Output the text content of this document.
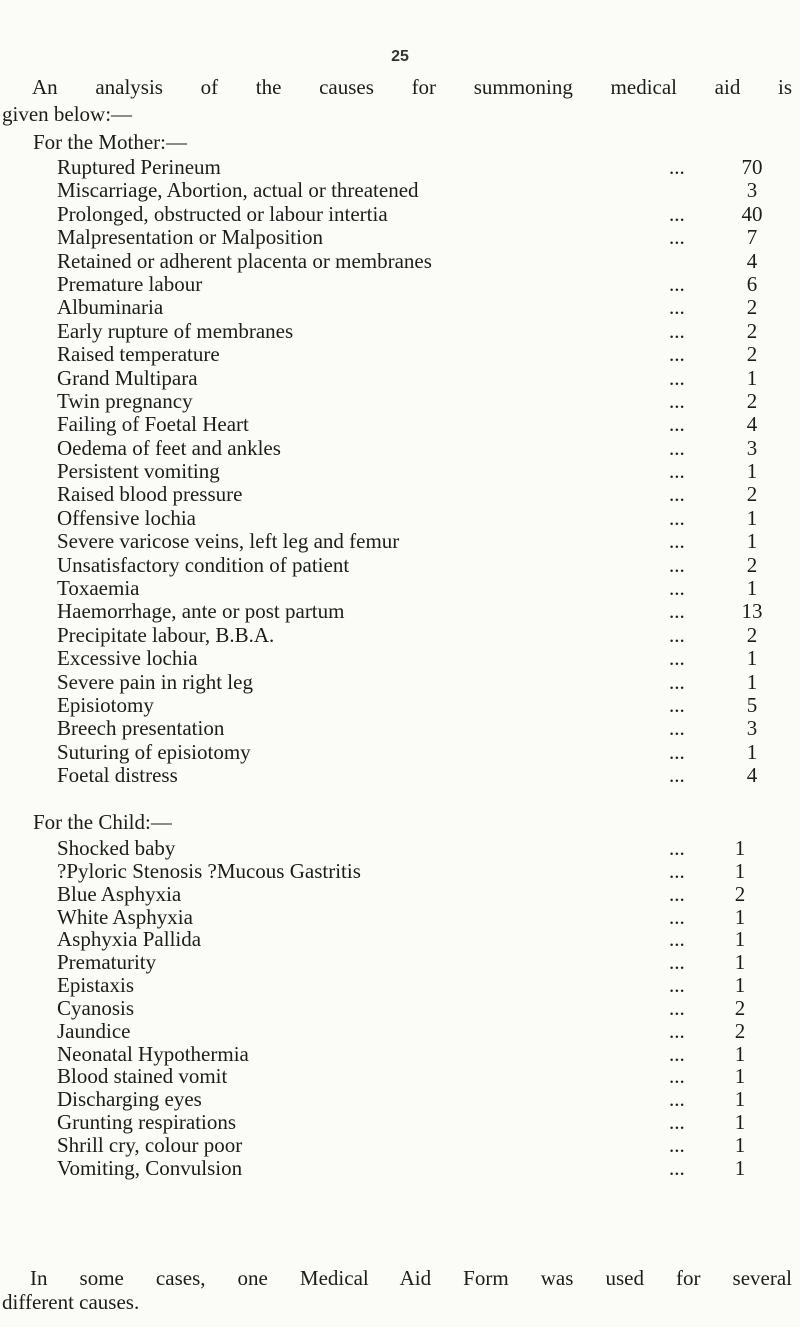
25
An analysis of the causes for summoning medical aid is
given below:—
For the Mother:—
Ruptured Perineum	...	70
Miscarriage, Abortion, actual or threatened	3
Prolonged, obstructed or labour intertia	...	40
Malpresentation or Malposition	...	7
Retained or adherent placenta or membranes	4
Premature labour	...	6
Albuminaria	...	2
Early rupture of membranes	...	2
Raised temperature	...	2
Grand Multipara	...	1
Twin pregnancy	...	2
Failing of Foetal Heart	...	4
Oedema of feet and ankles	...	3
Persistent vomiting	...	1
Raised blood pressure	...	2
Offensive lochia	...	1
Severe varicose veins, left leg and femur	...	1
Unsatisfactory condition of patient	...	2
Toxaemia	...	1
Haemorrhage, ante or post partum	...	13
Precipitate labour, B.B.A.	...	2
Excessive lochia	...	1
Severe pain in right leg	...	1
Episiotomy	...	5
Breech presentation	...	3
Suturing of episiotomy	...	1
Foetal distress	...	4
For the Child:—
Shocked baby	...	1
?Pyloric Stenosis ?Mucous Gastritis	...	1
Blue Asphyxia	...	2
White Asphyxia	...	1
Asphyxia Pallida	...	1
Prematurity	...	1
Epistaxis	...	1
Cyanosis	...	2
Jaundice	...	2
Neonatal Hypothermia	...	1
Blood stained vomit	...	1
Discharging eyes	...	1
Grunting respirations	...	1
Shrill cry, colour poor	...	1
Vomiting, Convulsion	...	1
In some cases, one Medical Aid Form was used for several
different causes.
